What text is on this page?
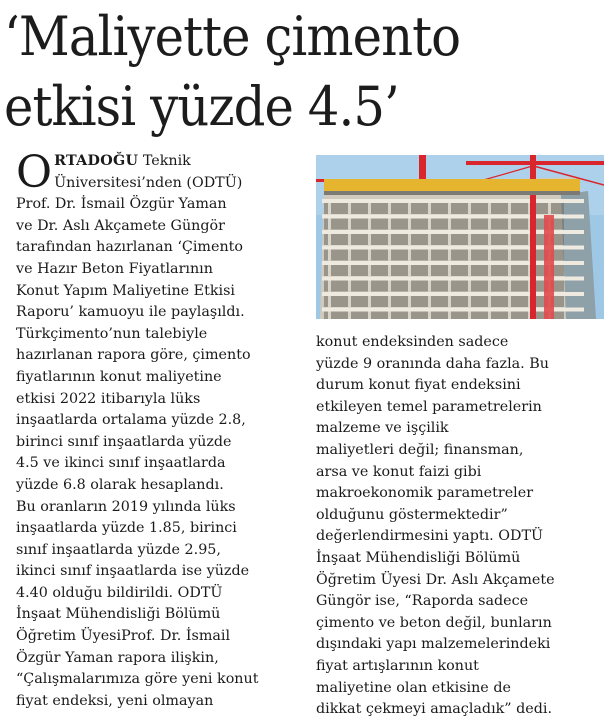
‘Maliyette çimento
etkisi yüzde 4.5’
O RTADOĞU Teknik
Üniversitesi’nden (ODTÜ)
Prof. Dr. İsmail Özgür Yaman
ve Dr. Aslı Akçamete Güngör
tarafından hazırlanan ‘Çimento
ve Hazır Beton Fiyatlarının
Konut Yapım Maliyetine Etkisi
Raporu’ kamuoyu ile paylaşıldı.
Türkçimento’nun talebiyle
hazırlanan rapora göre, çimento
fiyatlarının konut maliyetine
etkisi 2022 itibarıyla lüks
inşaatlarda ortalama yüzde 2.8,
birinci sınıf inşaatlarda yüzde
4.5 ve ikinci sınıf inşaatlarda
yüzde 6.8 olarak hesaplandı.
Bu oranların 2019 yılında lüks
inşaatlarda yüzde 1.85, birinci
sınıf inşaatlarda yüzde 2.95,
ikinci sınıf inşaatlarda ise yüzde
4.40 olduğu bildirildi. ODTÜ
İnşaat Mühendisliği Bölümü
Öğretim ÜyesiProf. Dr. İsmail
Özgür Yaman rapora ilişkin,
“Çalışmalarımıza göre yeni konut
fiyat endeksi, yeni olmayan
konut endeksinden sadece
yüzde 9 oranında daha fazla. Bu
durum konut fiyat endeksini
etkileyen temel parametrelerin
malzeme ve işçilik
maliyetleri değil; finansman,
arsa ve konut faizi gibi
makroekonomik parametreler
olduğunu göstermektedir”
değerlendirmesini yaptı. ODTÜ
İnşaat Mühendisliği Bölümü
Öğretim Üyesi Dr. Aslı Akçamete
Güngör ise, “Raporda sadece
çimento ve beton değil, bunların
dışındaki yapı malzemelerindeki
fiyat artışlarının konut
maliyetine olan etkisine de
dikkat çekmeyi amaçladık” dedi.
